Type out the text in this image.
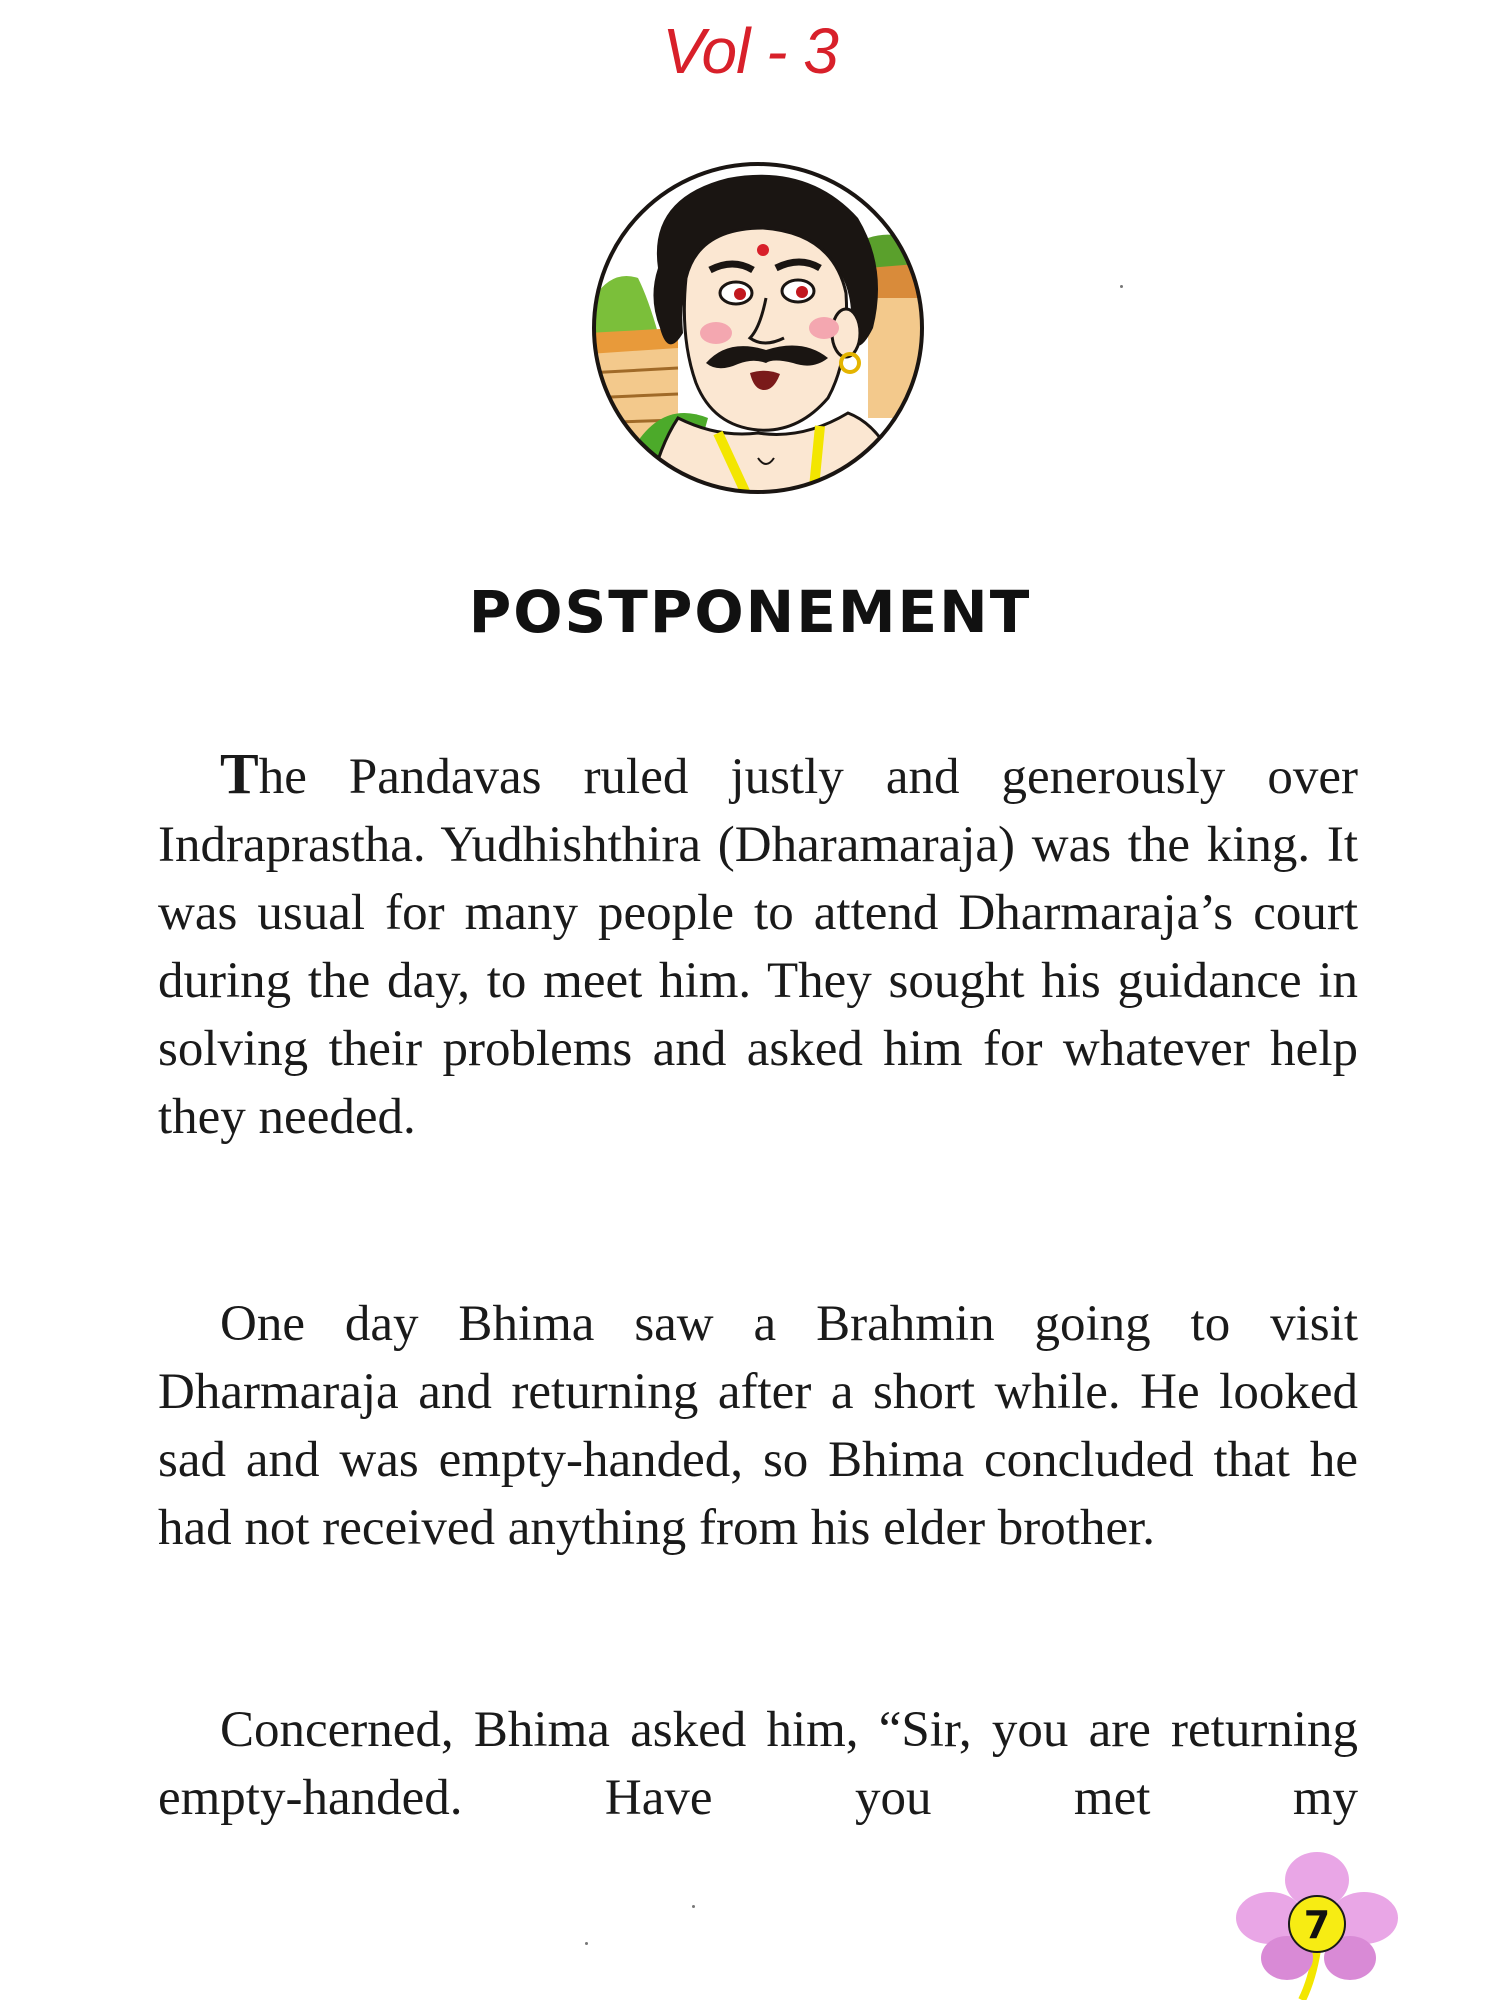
Vol - 3
POSTPONEMENT

The Pandavas ruled justly and generously over Indraprastha. Yudhishthira (Dharamaraja) was the king. It was usual for many people to attend Dharmaraja’s court during the day, to meet him. They sought his guidance in solving their problems and asked him for whatever help they needed.

One day Bhima saw a Brahmin going to visit Dharmaraja and returning after a short while. He looked sad and was empty-handed, so Bhima concluded that he had not received anything from his elder brother.

Concerned, Bhima asked him, “Sir, you are returning empty-handed. Have you met my

7
